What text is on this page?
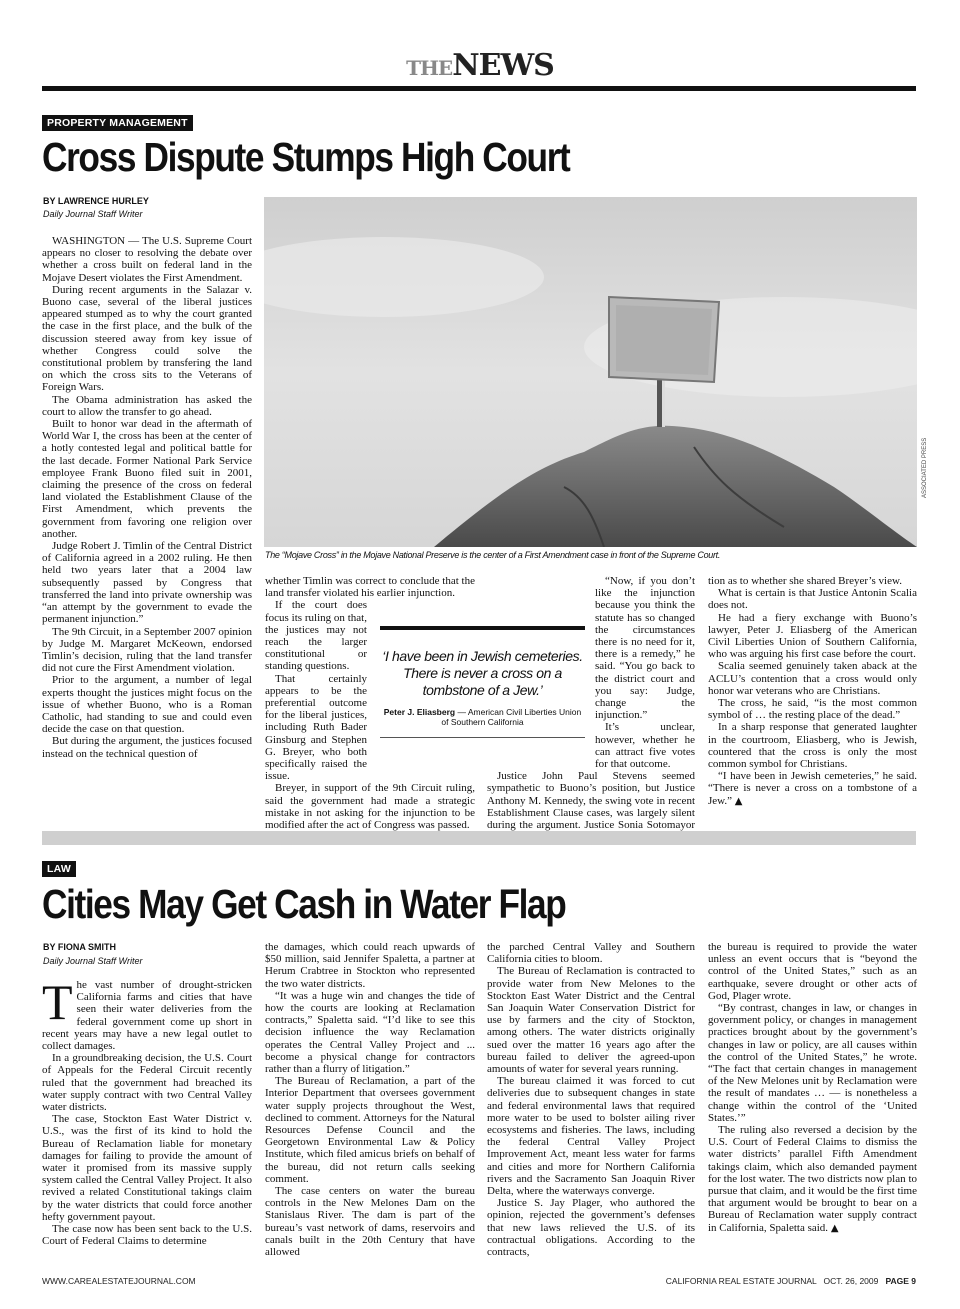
THENEWS
PROPERTY MANAGEMENT
Cross Dispute Stumps High Court
BY LAWRENCE HURLEY
Daily Journal Staff Writer

WASHINGTON — The U.S. Supreme Court appears no closer to resolving the debate over whether a cross built on federal land in the Mojave Desert violates the First Amendment.

During recent arguments in the Salazar v. Buono case, several of the liberal justices appeared stumped as to why the court granted the case in the first place, and the bulk of the discussion steered away from key issue of whether Congress could solve the constitutional problem by transfering the land on which the cross sits to the Veterans of Foreign Wars.

The Obama administration has asked the court to allow the transfer to go ahead.

Built to honor war dead in the aftermath of World War I, the cross has been at the center of a hotly contested legal and political battle for the last decade. Former National Park Service employee Frank Buono filed suit in 2001, claiming the presence of the cross on federal land violated the Establishment Clause of the First Amendment, which prevents the government from favoring one religion over another.

Judge Robert J. Timlin of the Central District of California agreed in a 2002 ruling. He then held two years later that a 2004 law subsequently passed by Congress that transferred the land into private ownership was “an attempt by the government to evade the permanent injunction.”

The 9th Circuit, in a September 2007 opinion by Judge M. Margaret McKeown, endorsed Timlin’s decision, ruling that the land transfer did not cure the First Amendment violation.

Prior to the argument, a number of legal experts thought the justices might focus on the issue of whether Buono, who is a Roman Catholic, had standing to sue and could even decide the case on that question.

But during the argument, the justices focused instead on the technical question of

ASSOCIATED PRESS
The “Mojave Cross” in the Mojave National Preserve is the center of a First Amendment case in front of the Supreme Court.

whether Timlin was correct to conclude that the land transfer violated his earlier injunction.

If the court does focus its ruling on that, the justices may not reach the larger constitutional or standing questions.

That certainly appears to be the preferential outcome for the liberal justices, including Ruth Bader Ginsburg and Stephen G. Breyer, who both specifically raised the issue.

Breyer, in support of the 9th Circuit ruling, said the government had made a strategic mistake in not asking for the injunction to be modified after the act of Congress was passed.

‘I have been in Jewish cemeteries. There is never a cross on a tombstone of a Jew.’
Peter J. Eliasberg — American Civil Liberties Union of Southern California

“Now, if you don’t like the injunction because you think the statute has so changed the circumstances there is no need for it, there is a remedy,” he said. “You go back to the district court and you say: Judge, change the injunction.”

It’s unclear, however, whether he can attract five votes for that outcome.

Justice John Paul Stevens seemed sympathetic to Buono’s position, but Justice Anthony M. Kennedy, the swing vote in recent Establishment Clause cases, was largely silent during the argument. Justice Sonia Sotomayor

tion as to whether she shared Breyer’s view.

What is certain is that Justice Antonin Scalia does not.

He had a fiery exchange with Buono’s lawyer, Peter J. Eliasberg of the American Civil Liberties Union of Southern California, who was arguing his first case before the court.

Scalia seemed genuinely taken aback at the ACLU’s contention that a cross would only honor war veterans who are Christians.

The cross, he said, “is the most common symbol of … the resting place of the dead.”

In a sharp response that generated laughter in the courtroom, Eliasberg, who is Jewish, countered that the cross is only the most common symbol for Christians.

“I have been in Jewish cemeteries,” he said. “There is never a cross on a tombstone of a Jew.” ▲

LAW
Cities May Get Cash in Water Flap
BY FIONA SMITH
Daily Journal Staff Writer

The vast number of drought-stricken California farms and cities that have seen their water deliveries from the federal government come up short in recent years may have a new legal outlet to collect damages.

In a groundbreaking decision, the U.S. Court of Appeals for the Federal Circuit recently ruled that the government had breached its water supply contract with two Central Valley water districts.

The case, Stockton East Water District v. U.S., was the first of its kind to hold the Bureau of Reclamation liable for monetary damages for failing to provide the amount of water it promised from its massive supply system called the Central Valley Project. It also revived a related Constitutional takings claim by the water districts that could force another hefty government payout.

The case now has been sent back to the U.S. Court of Federal Claims to determine

the damages, which could reach upwards of $50 million, said Jennifer Spaletta, a partner at Herum Crabtree in Stockton who represented the two water districts.

“It was a huge win and changes the tide of how the courts are looking at Reclamation contracts,” Spaletta said. “I’d like to see this decision influence the way Reclamation operates the Central Valley Project and ... become a physical change for contractors rather than a flurry of litigation.”

The Bureau of Reclamation, a part of the Interior Department that oversees government water supply projects throughout the West, declined to comment. Attorneys for the Natural Resources Defense Council and the Georgetown Environmental Law & Policy Institute, which filed amicus briefs on behalf of the bureau, did not return calls seeking comment.

The case centers on water the bureau controls in the New Melones Dam on the Stanislaus River. The dam is part of the bureau’s vast network of dams, reservoirs and canals built in the 20th Century that have allowed

the parched Central Valley and Southern California cities to bloom.

The Bureau of Reclamation is contracted to provide water from New Melones to the Stockton East Water District and the Central San Joaquin Water Conservation District for use by farmers and the city of Stockton, among others. The water districts originally sued over the matter 16 years ago after the bureau failed to deliver the agreed-upon amounts of water for several years running.

The bureau claimed it was forced to cut deliveries due to subsequent changes in state and federal environmental laws that required more water to be used to bolster ailing river ecosystems and fisheries. The laws, including the federal Central Valley Project Improvement Act, meant less water for farms and cities and more for Northern California rivers and the Sacramento San Joaquin River Delta, where the waterways converge.

Justice S. Jay Plager, who authored the opinion, rejected the government’s defenses that new laws relieved the U.S. of its contractual obligations. According to the contracts,

the bureau is required to provide the water unless an event occurs that is “beyond the control of the United States,” such as an earthquake, severe drought or other acts of God, Plager wrote.

“By contrast, changes in law, or changes in government policy, or changes in management practices brought about by the government’s changes in law or policy, are all causes within the control of the United States,” he wrote. “The fact that certain changes in management of the New Melones unit by Reclamation were the result of mandates … — is nonetheless a change within the control of the ‘United States.’”

The ruling also reversed a decision by the U.S. Court of Federal Claims to dismiss the water districts’ parallel Fifth Amendment takings claim, which also demanded payment for the lost water. The two districts now plan to pursue that claim, and it would be the first time that argument would be brought to bear on a Bureau of Reclamation water supply contract in California, Spaletta said. ▲

WWW.CAREALESTATEJOURNAL.COM	CALIFORNIA REAL ESTATE JOURNAL OCT. 26, 2009 PAGE 9
